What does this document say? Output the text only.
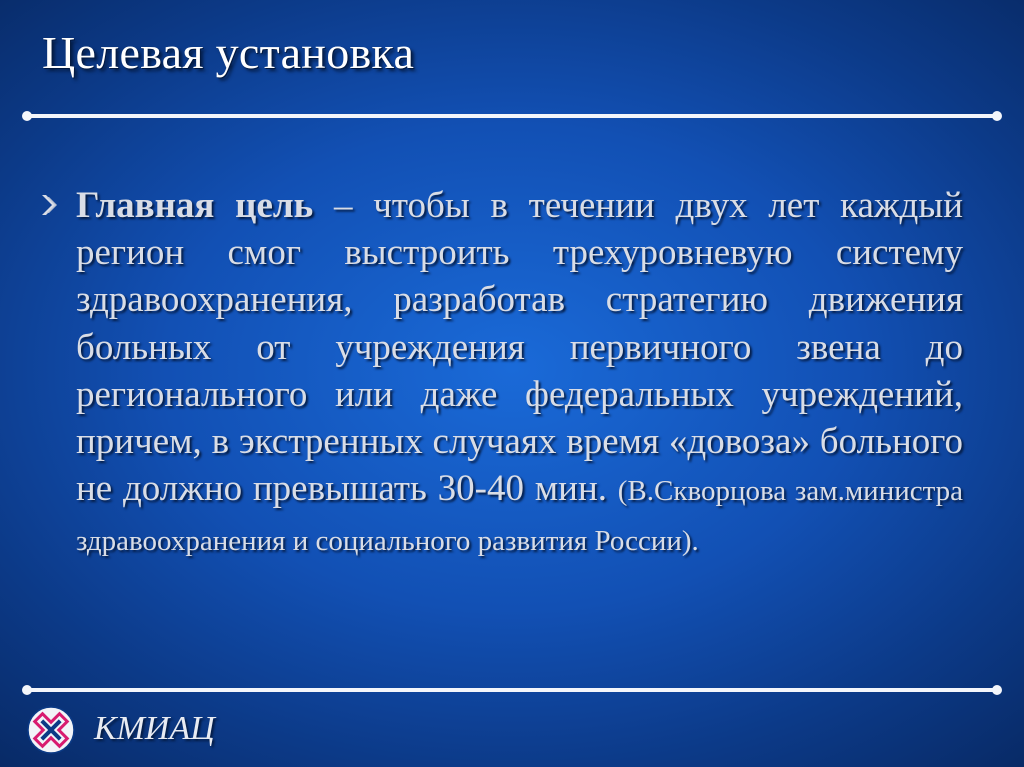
Целевая установка

Главная цель – чтобы в течении двух лет каждый регион смог выстроить трехуровневую систему здравоохранения, разработав стратегию движения больных от учреждения первичного звена до регионального или даже федеральных учреждений, причем, в экстренных случаях время «довоза» больного не должно превышать 30-40 мин. (В.Скворцова зам.министра здравоохранения и социального развития России).

КМИАЦ
